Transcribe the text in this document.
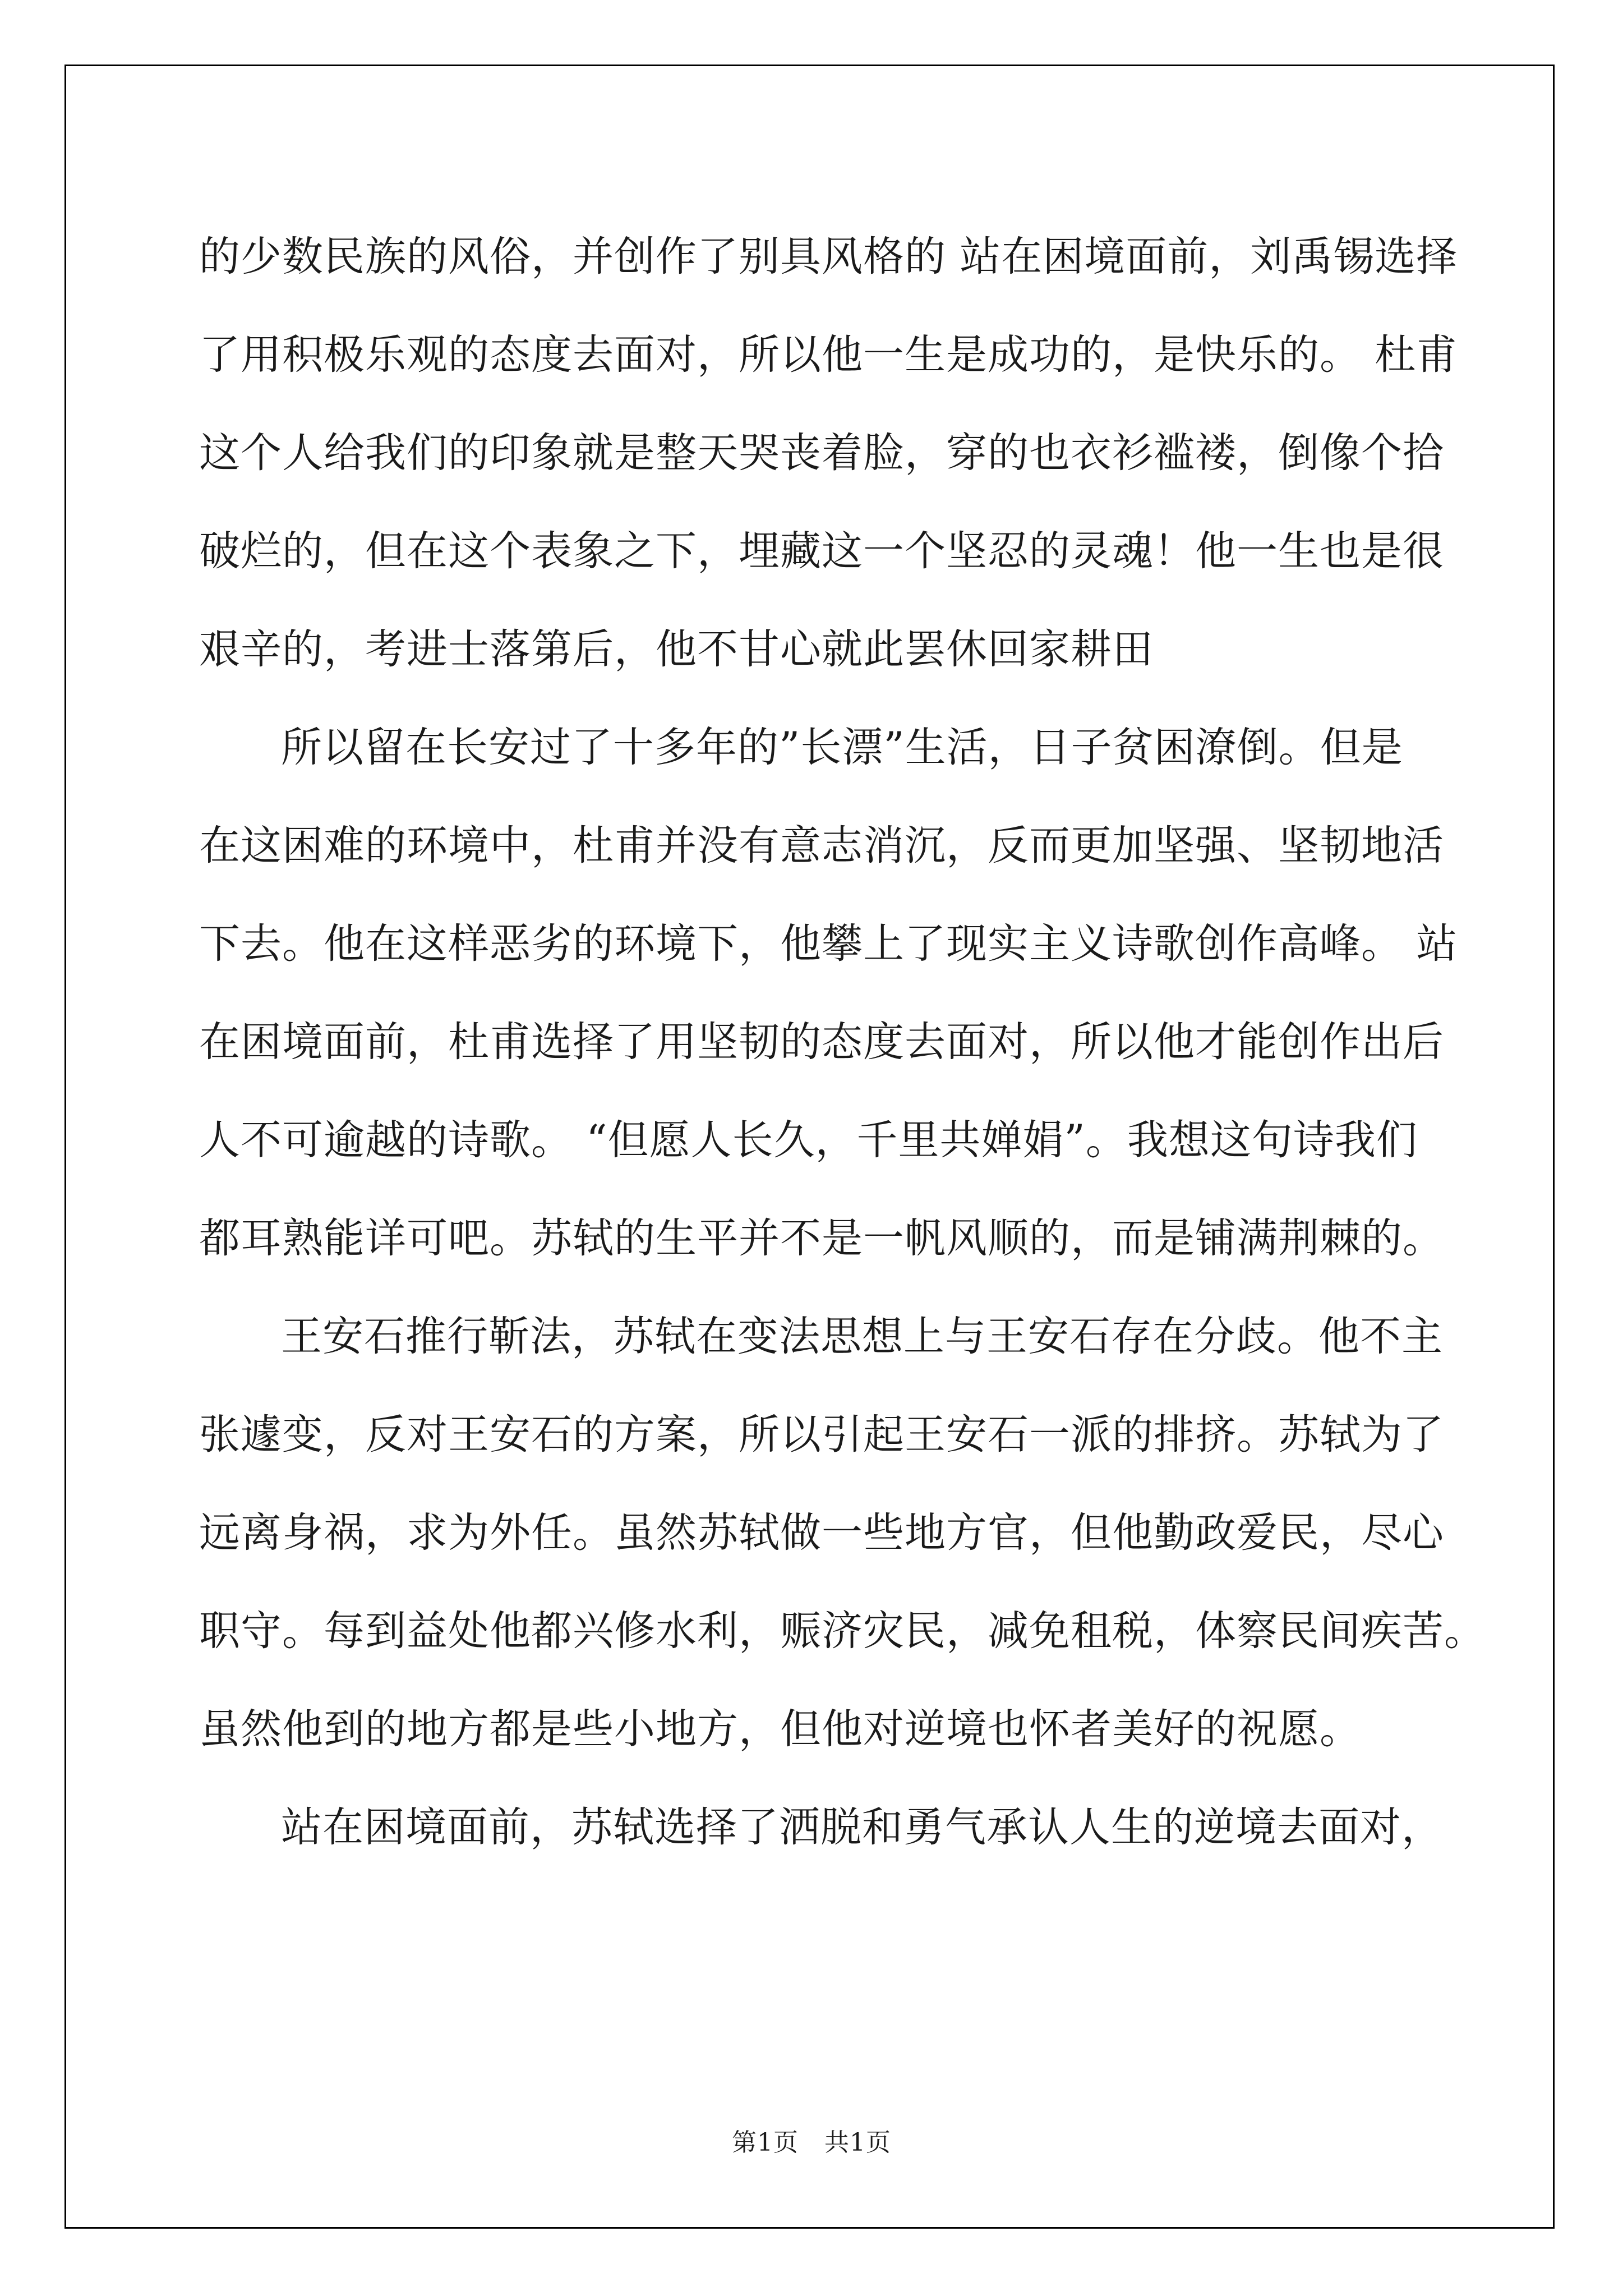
的少数民族的风俗，并创作了别具风格的 站在困境面前，刘禹锡选择
了用积极乐观的态度去面对，所以他一生是成功的，是快乐的。 杜甫
这个人给我们的印象就是整天哭丧着脸，穿的也衣衫褴褛，倒像个拾
破烂的，但在这个表象之下，埋藏这一个坚忍的灵魂！他一生也是很
艰辛的，考进士落第后，他不甘心就此罢休回家耕田
所以留在长安过了十多年的”长漂”生活，日子贫困潦倒。但是
在这困难的环境中，杜甫并没有意志消沉，反而更加坚强、坚韧地活
下去。他在这样恶劣的环境下，他攀上了现实主义诗歌创作高峰。 站
在困境面前，杜甫选择了用坚韧的态度去面对，所以他才能创作出后
人不可逾越的诗歌。 “但愿人长久，千里共婵娟”。我想这句诗我们
都耳熟能详可吧。苏轼的生平并不是一帆风顺的，而是铺满荆棘的。
王安石推行靳法，苏轼在变法思想上与王安石存在分歧。他不主
张遽变，反对王安石的方案，所以引起王安石一派的排挤。苏轼为了
远离身祸，求为外任。虽然苏轼做一些地方官，但他勤政爱民，尽心
职守。每到益处他都兴修水利，赈济灾民，减免租税，体察民间疾苦。
虽然他到的地方都是些小地方，但他对逆境也怀者美好的祝愿。
站在困境面前，苏轼选择了洒脱和勇气承认人生的逆境去面对，
第1页 共1页
